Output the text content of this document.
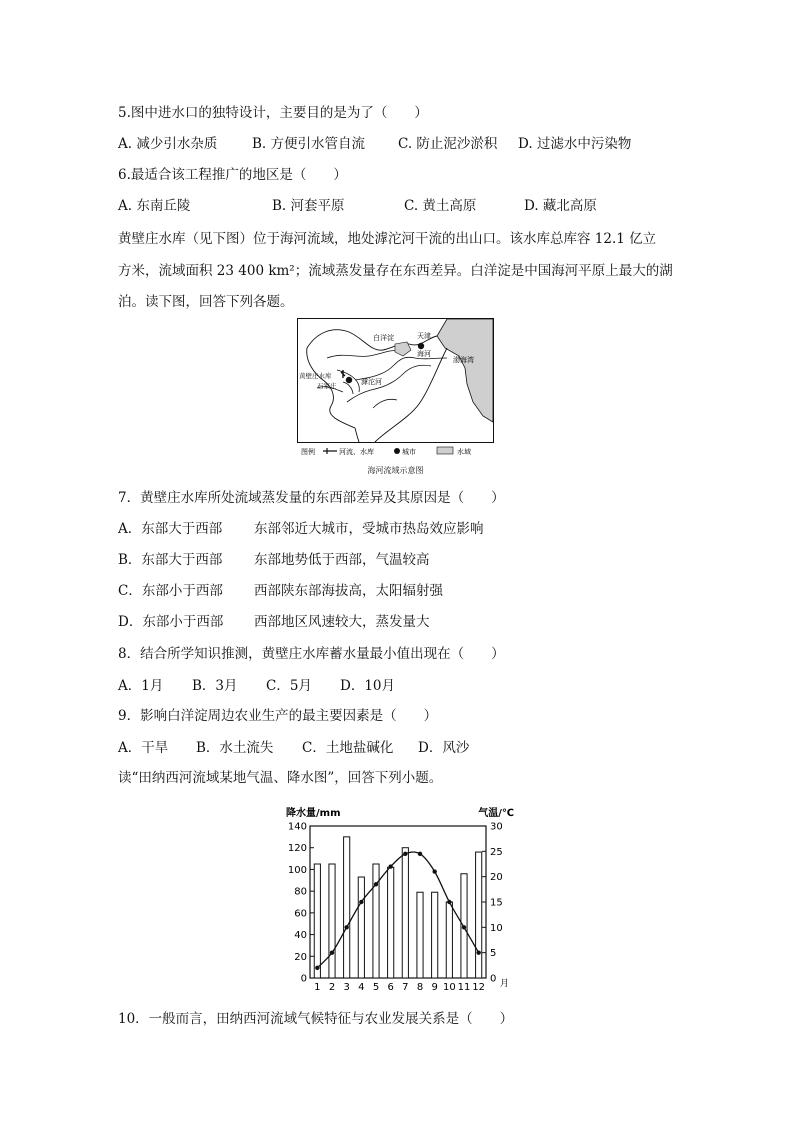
5.图中进水口的独特设计，主要目的是为了（　　）
A. 减少引水杂质	B. 方便引水管自流 C. 防止泥沙淤积 D. 过滤水中污染物
6.最适合该工程推广的地区是（　　）
A. 东南丘陵	B. 河套平原	C. 黄土高原	D. 藏北高原
黄壁庄水库（见下图）位于海河流域，地处滹沱河干流的出山口。该水库总库容 12.1 亿立
方米，流域面积 23 400 km²；流域蒸发量存在东西差异。白洋淀是中国海河平原上最大的湖
泊。读下图，回答下列各题。
白洋淀	天津
海河
渤海湾
黄壁庄水库
石家庄	滹沱河
图例	河流、水库	城市	水域
海河流域示意图
7．黄壁庄水库所处流域蒸发量的东西部差异及其原因是（　　）
A．东部大于西部 东部邻近大城市，受城市热岛效应影响
B．东部大于西部 东部地势低于西部，气温较高
C．东部小于西部 西部陕东部海拔高，太阳辐射强
D．东部小于西部 西部地区风速较大，蒸发量大
8．结合所学知识推测，黄壁庄水库蓄水量最小值出现在（　　）
A．1月 B．3月 C．5月 D．10月
9．影响白洋淀周边农业生产的最主要因素是（　　）
A．干旱 B．水土流失 C．土地盐碱化 D．风沙
读“田纳西河流域某地气温、降水图”，回答下列小题。
降水量/mm	气温/℃
0
20
40
60
80
100
120
140
0
5
10
15
20
25
30
1 2 3 4 5 6 7 8 9 10 11 12 月
10．一般而言，田纳西河流域气候特征与农业发展关系是（　　）
